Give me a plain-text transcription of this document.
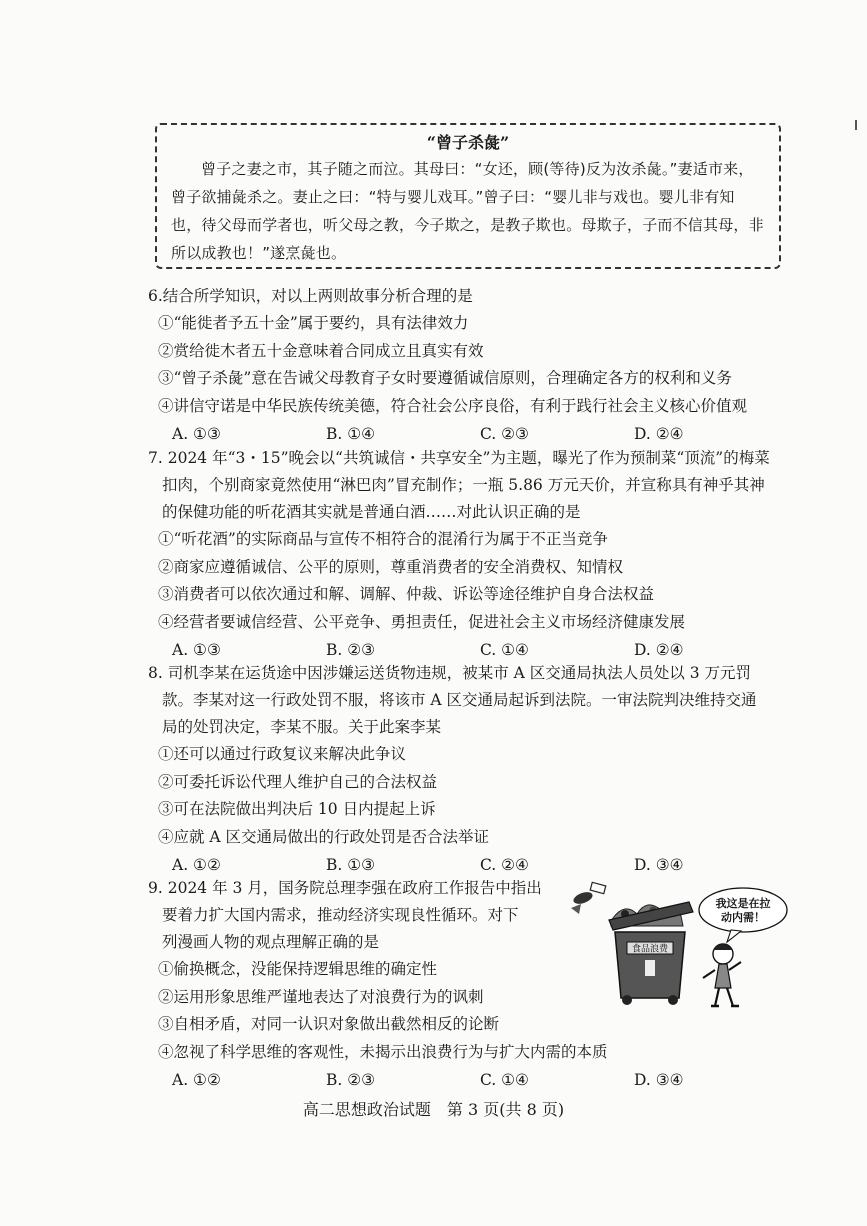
“曾子杀彘”
曾子之妻之市，其子随之而泣。其母曰：“女还，顾(等待)反为汝杀彘。”妻适市来，
曾子欲捕彘杀之。妻止之曰：“特与婴儿戏耳。”曾子曰：“婴儿非与戏也。婴儿非有知
也，待父母而学者也，听父母之教，今子欺之，是教子欺也。母欺子，子而不信其母，非
所以成教也！”遂烹彘也。
6.结合所学知识，对以上两则故事分析合理的是
①“能徙者予五十金”属于要约，具有法律效力
②赏给徙木者五十金意味着合同成立且真实有效
③“曾子杀彘”意在告诫父母教育子女时要遵循诚信原则，合理确定各方的权利和义务
④讲信守诺是中华民族传统美德，符合社会公序良俗，有利于践行社会主义核心价值观
A. ①③	B. ①④	C. ②③	D. ②④
7. 2024 年“3・15”晚会以“共筑诚信・共享安全”为主题，曝光了作为预制菜“顶流”的梅菜
扣肉，个别商家竟然使用“淋巴肉”冒充制作；一瓶 5.86 万元天价，并宣称具有神乎其神
的保健功能的听花酒其实就是普通白酒……对此认识正确的是
①“听花酒”的实际商品与宣传不相符合的混淆行为属于不正当竞争
②商家应遵循诚信、公平的原则，尊重消费者的安全消费权、知情权
③消费者可以依次通过和解、调解、仲裁、诉讼等途径维护自身合法权益
④经营者要诚信经营、公平竞争、勇担责任，促进社会主义市场经济健康发展
A. ①③	B. ②③	C. ①④	D. ②④
8. 司机李某在运货途中因涉嫌运送货物违规，被某市 A 区交通局执法人员处以 3 万元罚
款。李某对这一行政处罚不服，将该市 A 区交通局起诉到法院。一审法院判决维持交通
局的处罚决定，李某不服。关于此案李某
①还可以通过行政复议来解决此争议
②可委托诉讼代理人维护自己的合法权益
③可在法院做出判决后 10 日内提起上诉
④应就 A 区交通局做出的行政处罚是否合法举证
A. ①②	B. ①③	C. ②④	D. ③④
9. 2024 年 3 月，国务院总理李强在政府工作报告中指出
要着力扩大国内需求，推动经济实现良性循环。对下
列漫画人物的观点理解正确的是
①偷换概念，没能保持逻辑思维的确定性
②运用形象思维严谨地表达了对浪费行为的讽刺
③自相矛盾，对同一认识对象做出截然相反的论断
④忽视了科学思维的客观性，未揭示出浪费行为与扩大内需的本质
A. ①②	B. ②③	C. ①④	D. ③④
食品浪费
我这是在拉
动内需！
高二思想政治试题　第 3 页(共 8 页)
